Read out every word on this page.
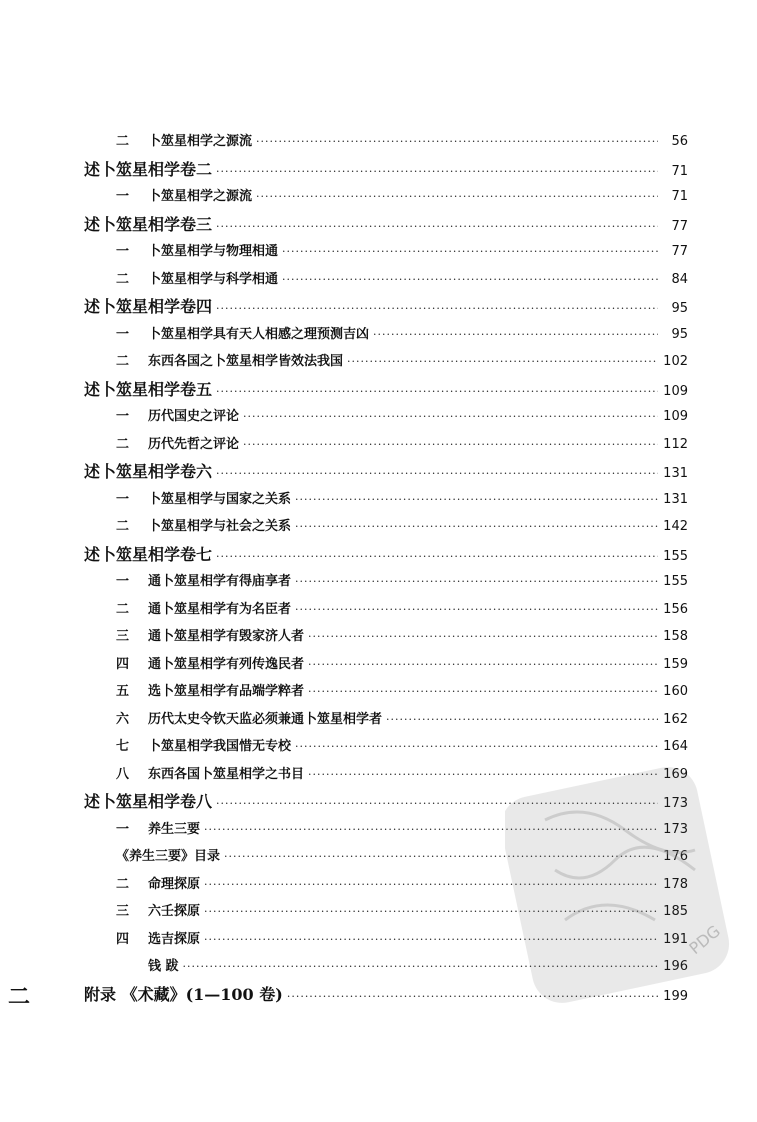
二	卜筮星相学之源流 ·····	56
述卜筮星相学卷二 ·····	71
一	卜筮星相学之源流 ·····	71
述卜筮星相学卷三 ·····	77
一	卜筮星相学与物理相通 ·····	77
二	卜筮星相学与科学相通 ·····	84
述卜筮星相学卷四 ·····	95
一	卜筮星相学具有天人相感之理预测吉凶 ·····	95
二	东西各国之卜筮星相学皆效法我国 ·····	102
述卜筮星相学卷五 ·····	109
一	历代国史之评论 ·····	109
二	历代先哲之评论 ·····	112
述卜筮星相学卷六 ·····	131
一	卜筮星相学与国家之关系 ·····	131
二	卜筮星相学与社会之关系 ·····	142
述卜筮星相学卷七 ·····	155
一	通卜筮星相学有得庙享者 ·····	155
二	通卜筮星相学有为名臣者 ·····	156
三	通卜筮星相学有毁家济人者 ·····	158
四	通卜筮星相学有列传逸民者 ·····	159
五	选卜筮星相学有品端学粹者 ·····	160
六	历代太史令钦天监必须兼通卜筮星相学者 ·····	162
七	卜筮星相学我国惜无专校 ·····	164
八	东西各国卜筮星相学之书目 ·····	169
述卜筮星相学卷八 ·····	173
一	养生三要 ·····	173
《养生三要》目录 ·····	176
二	命理探原 ·····	178
三	六壬探原 ·····	185
四	选吉探原 ·····	191
钱 跋 ·····	196
附录 《术藏》(1—100 卷) ·····	199
二
PDG
